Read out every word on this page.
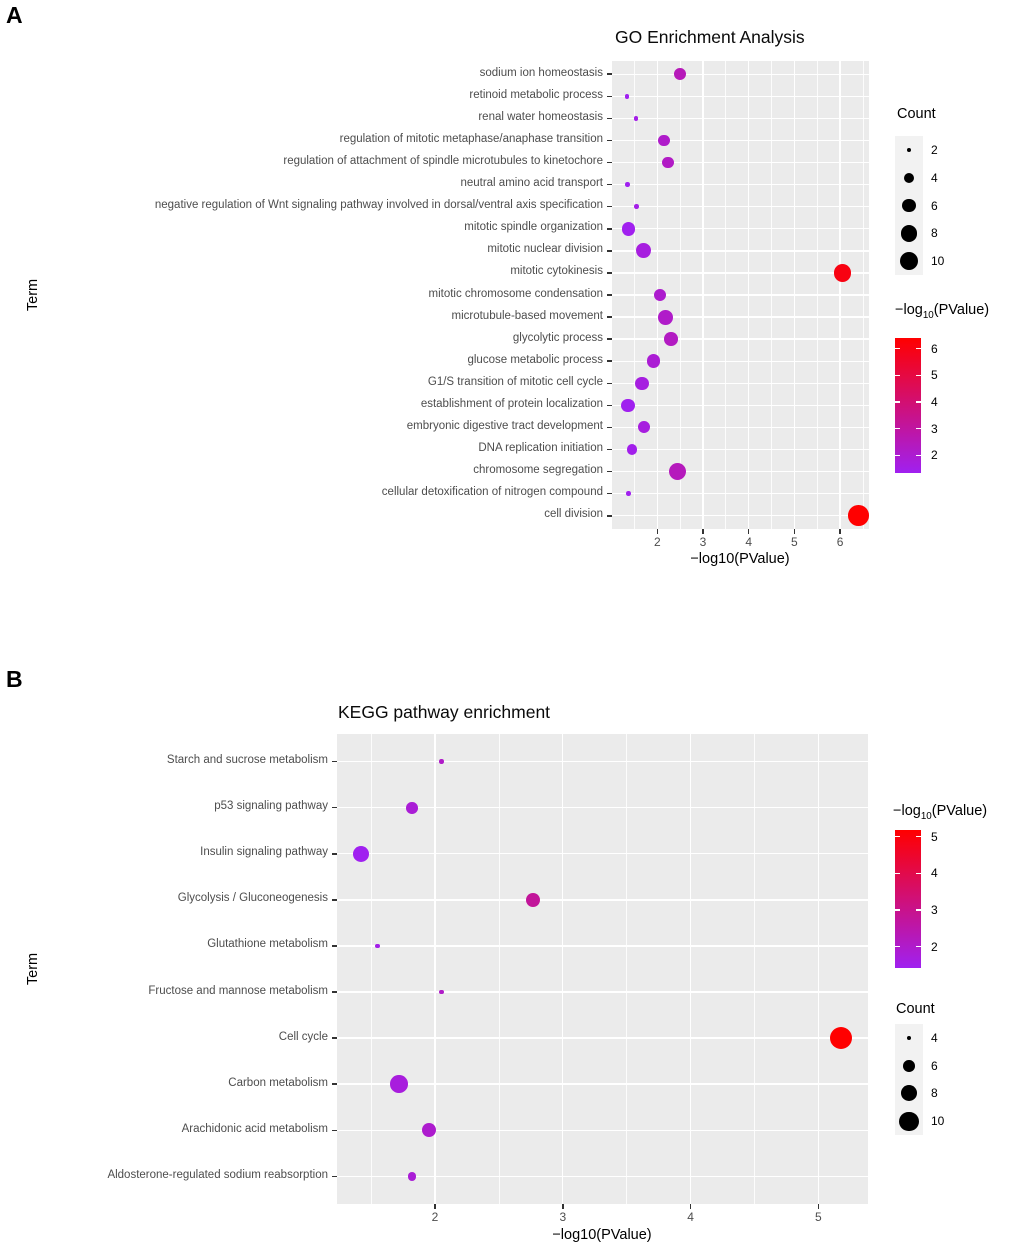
A
GO Enrichment Analysis
−log10(PValue)
Term
Count
$-\log_{10}(PValue)$
B
KEGG pathway enrichment
−log10(PValue)
Term
$-\log_{10}(PValue)$
Count
sodium ion homeostasis
retinoid metabolic process
renal water homeostasis
regulation of mitotic metaphase/anaphase transition
regulation of attachment of spindle microtubules to kinetochore
neutral amino acid transport
negative regulation of Wnt signaling pathway involved in dorsal/ventral axis specification
mitotic spindle organization
mitotic nuclear division
mitotic cytokinesis
mitotic chromosome condensation
microtubule-based movement
glycolytic process
glucose metabolic process
G1/S transition of mitotic cell cycle
establishment of protein localization
embryonic digestive tract development
DNA replication initiation
chromosome segregation
cellular detoxification of nitrogen compound
cell division
2	3	4	5	6
2
4
6
8
10
6
5
4
3
2
Starch and sucrose metabolism
p53 signaling pathway
Insulin signaling pathway
Glycolysis / Gluconeogenesis
Glutathione metabolism
Fructose and mannose metabolism
Cell cycle
Carbon metabolism
Arachidonic acid metabolism
Aldosterone-regulated sodium reabsorption
2	3	4	5
4
6
8
10
5
4
3
2
